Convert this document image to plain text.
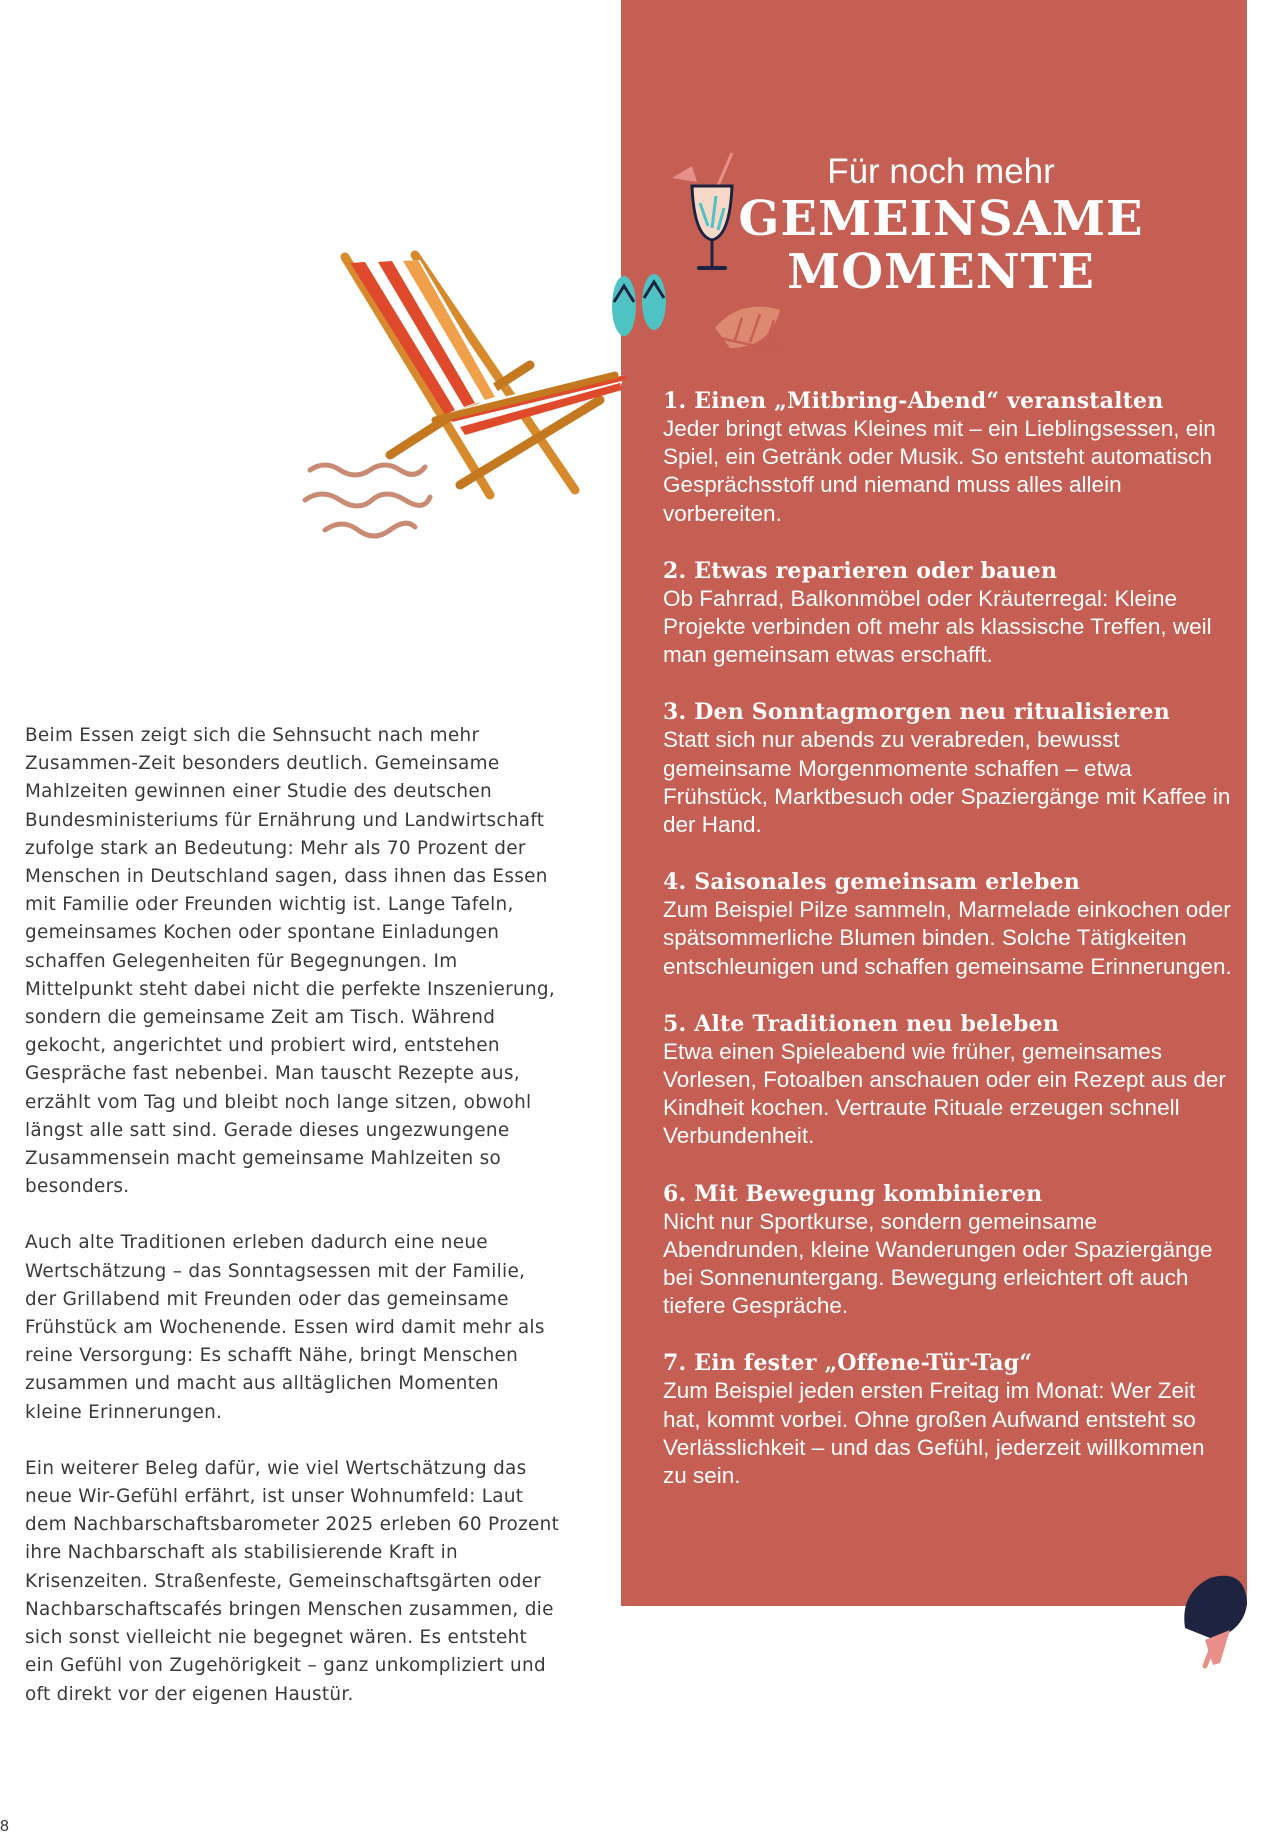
Beim Essen zeigt sich die Sehnsucht nach mehr Zusammen-Zeit besonders deutlich. Gemeinsame Mahlzeiten gewinnen einer Studie des deutschen Bundesministeriums für Ernährung und Landwirtschaft zufolge stark an Bedeutung: Mehr als 70 Prozent der Menschen in Deutschland sagen, dass ihnen das Essen mit Familie oder Freunden wichtig ist. Lange Tafeln, gemeinsames Kochen oder spontane Einladungen schaffen Gelegenheiten für Begegnungen. Im Mittelpunkt steht dabei nicht die perfekte Inszenierung, sondern die gemeinsame Zeit am Tisch. Während gekocht, angerichtet und probiert wird, entstehen Gespräche fast nebenbei. Man tauscht Rezepte aus, erzählt vom Tag und bleibt noch lange sitzen, obwohl längst alle satt sind. Gerade dieses ungezwungene Zusammensein macht gemeinsame Mahlzeiten so besonders.

Auch alte Traditionen erleben dadurch eine neue Wertschätzung – das Sonntagsessen mit der Familie, der Grillabend mit Freunden oder das gemeinsame Frühstück am Wochenende. Essen wird damit mehr als reine Versorgung: Es schafft Nähe, bringt Menschen zusammen und macht aus alltäglichen Momenten kleine Erinnerungen.

Ein weiterer Beleg dafür, wie viel Wertschätzung das neue Wir-Gefühl erfährt, ist unser Wohnumfeld: Laut dem Nachbarschaftsbarometer 2025 erleben 60 Prozent ihre Nachbarschaft als stabilisierende Kraft in Krisenzeiten. Straßenfeste, Gemeinschaftsgärten oder Nachbarschaftscafés bringen Menschen zusammen, die sich sonst vielleicht nie begegnet wären. Es entsteht ein Gefühl von Zugehörigkeit – ganz unkompliziert und oft direkt vor der eigenen Haustür.

Für noch mehr
GEMEINSAME
MOMENTE
1. Einen „Mitbring-Abend“ veranstalten
Jeder bringt etwas Kleines mit – ein Lieblingsessen, ein Spiel, ein Getränk oder Musik. So entsteht automatisch Gesprächsstoff und niemand muss alles allein vorbereiten.
2. Etwas reparieren oder bauen
Ob Fahrrad, Balkonmöbel oder Kräuterregal: Kleine Projekte verbinden oft mehr als klassische Treffen, weil man gemeinsam etwas erschafft.
3. Den Sonntagmorgen neu ritualisieren
Statt sich nur abends zu verabreden, bewusst gemeinsame Morgenmomente schaffen – etwa Frühstück, Marktbesuch oder Spaziergänge mit Kaffee in der Hand.
4. Saisonales gemeinsam erleben
Zum Beispiel Pilze sammeln, Marmelade einkochen oder spätsommerliche Blumen binden. Solche Tätigkeiten entschleunigen und schaffen gemeinsame Erinnerungen.
5. Alte Traditionen neu beleben
Etwa einen Spieleabend wie früher, gemeinsames Vorlesen, Fotoalben anschauen oder ein Rezept aus der Kindheit kochen. Vertraute Rituale erzeugen schnell Verbundenheit.
6. Mit Bewegung kombinieren
Nicht nur Sportkurse, sondern gemeinsame Abendrunden, kleine Wanderungen oder Spaziergänge bei Sonnenuntergang. Bewegung erleichtert oft auch tiefere Gespräche.
7. Ein fester „Offene-Tür-Tag“
Zum Beispiel jeden ersten Freitag im Monat: Wer Zeit hat, kommt vorbei. Ohne großen Aufwand entsteht so Verlässlichkeit – und das Gefühl, jederzeit willkommen zu sein.
8
